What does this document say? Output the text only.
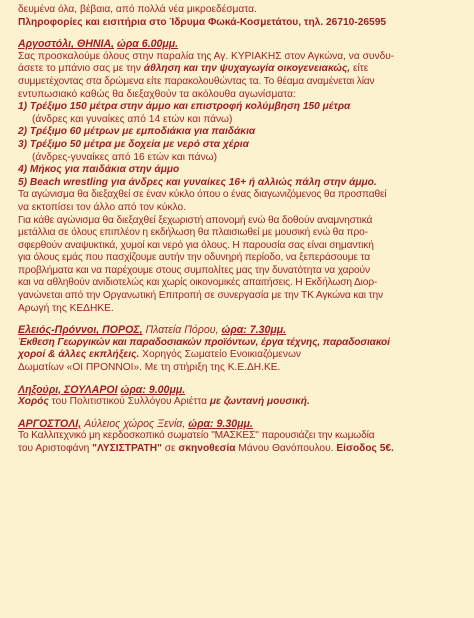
δευμένα όλα, βέβαια, από πολλά νέα μικροεδέσματα.

Πληροφορίες και εισιτήρια στο Ίδρυμα Φωκά-Κοσμετάτου, τηλ. 26710-26595

Αργοστόλι, ΘΗΝΙΑ, ώρα 6.00μμ.

Σας προσκαλούμε όλους στην παραλία της Αγ. ΚΥΡΙΑΚΗΣ στον Αγκώνα, να συνδυ-

άσετε το μπάνιο σας με την άθληση και την ψυχαγωγία οικογενειακώς, είτε

συμμετέχοντας στα δρώμενα είτε παρακολουθώντας τα. Το θέαμα αναμένεται λίαν

εντυπωσιακό καθώς θα διεξαχθούν τα ακόλουθα αγωνίσματα:

1) Τρέξιμο 150 μέτρα στην άμμο και επιστροφή κολύμβηση 150 μέτρα

(άνδρες και γυναίκες από 14 ετών και πάνω)

2) Τρέξιμο 60 μέτρων με εμποδιάκια για παιδάκια

3) Τρέξιμο 50 μέτρα με δοχεία με νερό στα χέρια

(άνδρες-γυναίκες από 16 ετών και πάνω)

4) Μήκος για παιδάκια στην άμμο

5) Beach wrestling για άνδρες και γυναίκες 16+ ή αλλιώς πάλη στην άμμο.

Τα αγώνισμα θα διεξαχθεί σε έναν κύκλο όπου ο ένας διαγωνιζόμενος θα προσπαθεί

να εκτοπίσει τον άλλο από τον κύκλο.

Για κάθε αγώνισμα θα διεξαχθεί ξεχωριστή απονομή ενώ θα δοθούν αναμνηστικά

μετάλλια σε όλους επιπλέον η εκδήλωση θα πλαισιωθεί με μουσική ενώ θα προ-

σφερθούν αναψυκτικά, χυμοί και νερό για όλους. Η παρουσία σας είναι σημαντική

για όλους εμάς που πασχίζουμε αυτήν την οδυνηρή περίοδο, να ξεπεράσουμε τα

προβλήματα και να παρέχουμε στους συμπολίτες μας την δυνατότητα να χαρούν

και να αθληθούν ανιδιοτελώς και χωρίς οικονομικές απαιτήσεις. Η Εκδήλωση Διορ-

γανώνεται από την Οργανωτική Επιτροπή σε συνεργασία με την ΤΚ Αγκώνα και την

Αρωγή της ΚΕΔΗΚΕ.

Ελειός-Πρόννοι, ΠΟΡΟΣ, Πλατεία Πόρου, ώρα: 7.30μμ.

Έκθεση Γεωργικών και παραδοσιακών προϊόντων, έργα τέχνης, παραδοσιακοί

χοροί & άλλες εκπλήξεις. Χορηγός Σωματείο Ενοικιαζόμενων

Δωματίων «ΟΙ ΠΡΟΝΝΟΙ». Με τη στήριξη της Κ.Ε.ΔΗ.ΚΕ.

Ληξούρι, ΣΟΥΛΑΡΟΙ ώρα: 9.00μμ.

Χορός του Πολιτιστικού Συλλόγου Αριέττα με ζωντανή μουσική.

ΑΡΓΟΣΤΟΛΙ, Αύλειος χώρος Ξενία, ώρα: 9.30μμ.

Το Καλλιτεχνικό μη κερδοσκοπικό σωματείο "ΜΑΣΚΕΣ" παρουσιάζει την κωμωδία

του Αριστοφάνη "ΛΥΣΙΣΤΡΑΤΗ" σε σκηνοθεσία Μάνου Θανόπουλου. Είσοδος 5€.
